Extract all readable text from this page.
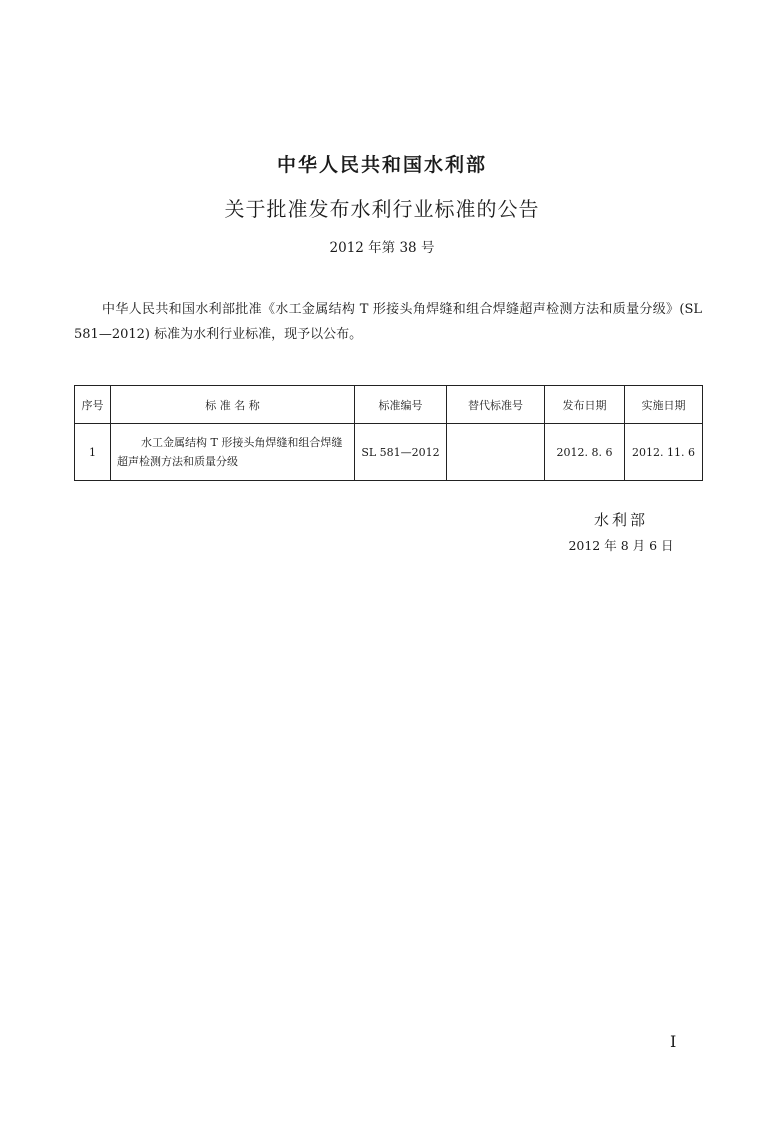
中华人民共和国水利部
关于批准发布水利行业标准的公告
2012 年第 38 号
中华人民共和国水利部批准《水工金属结构 T 形接头角焊缝和组合焊缝超声检测方法和质量分级》(SL 581—2012) 标准为水利行业标准，现予以公布。
序号	标 准 名 称	标准编号	替代标准号	发布日期	实施日期
1	水工金属结构 T 形接头角焊缝和组合焊缝超声检测方法和质量分级	SL 581—2012		2012. 8. 6	2012. 11. 6
水利部
2012 年 8 月 6 日
I
